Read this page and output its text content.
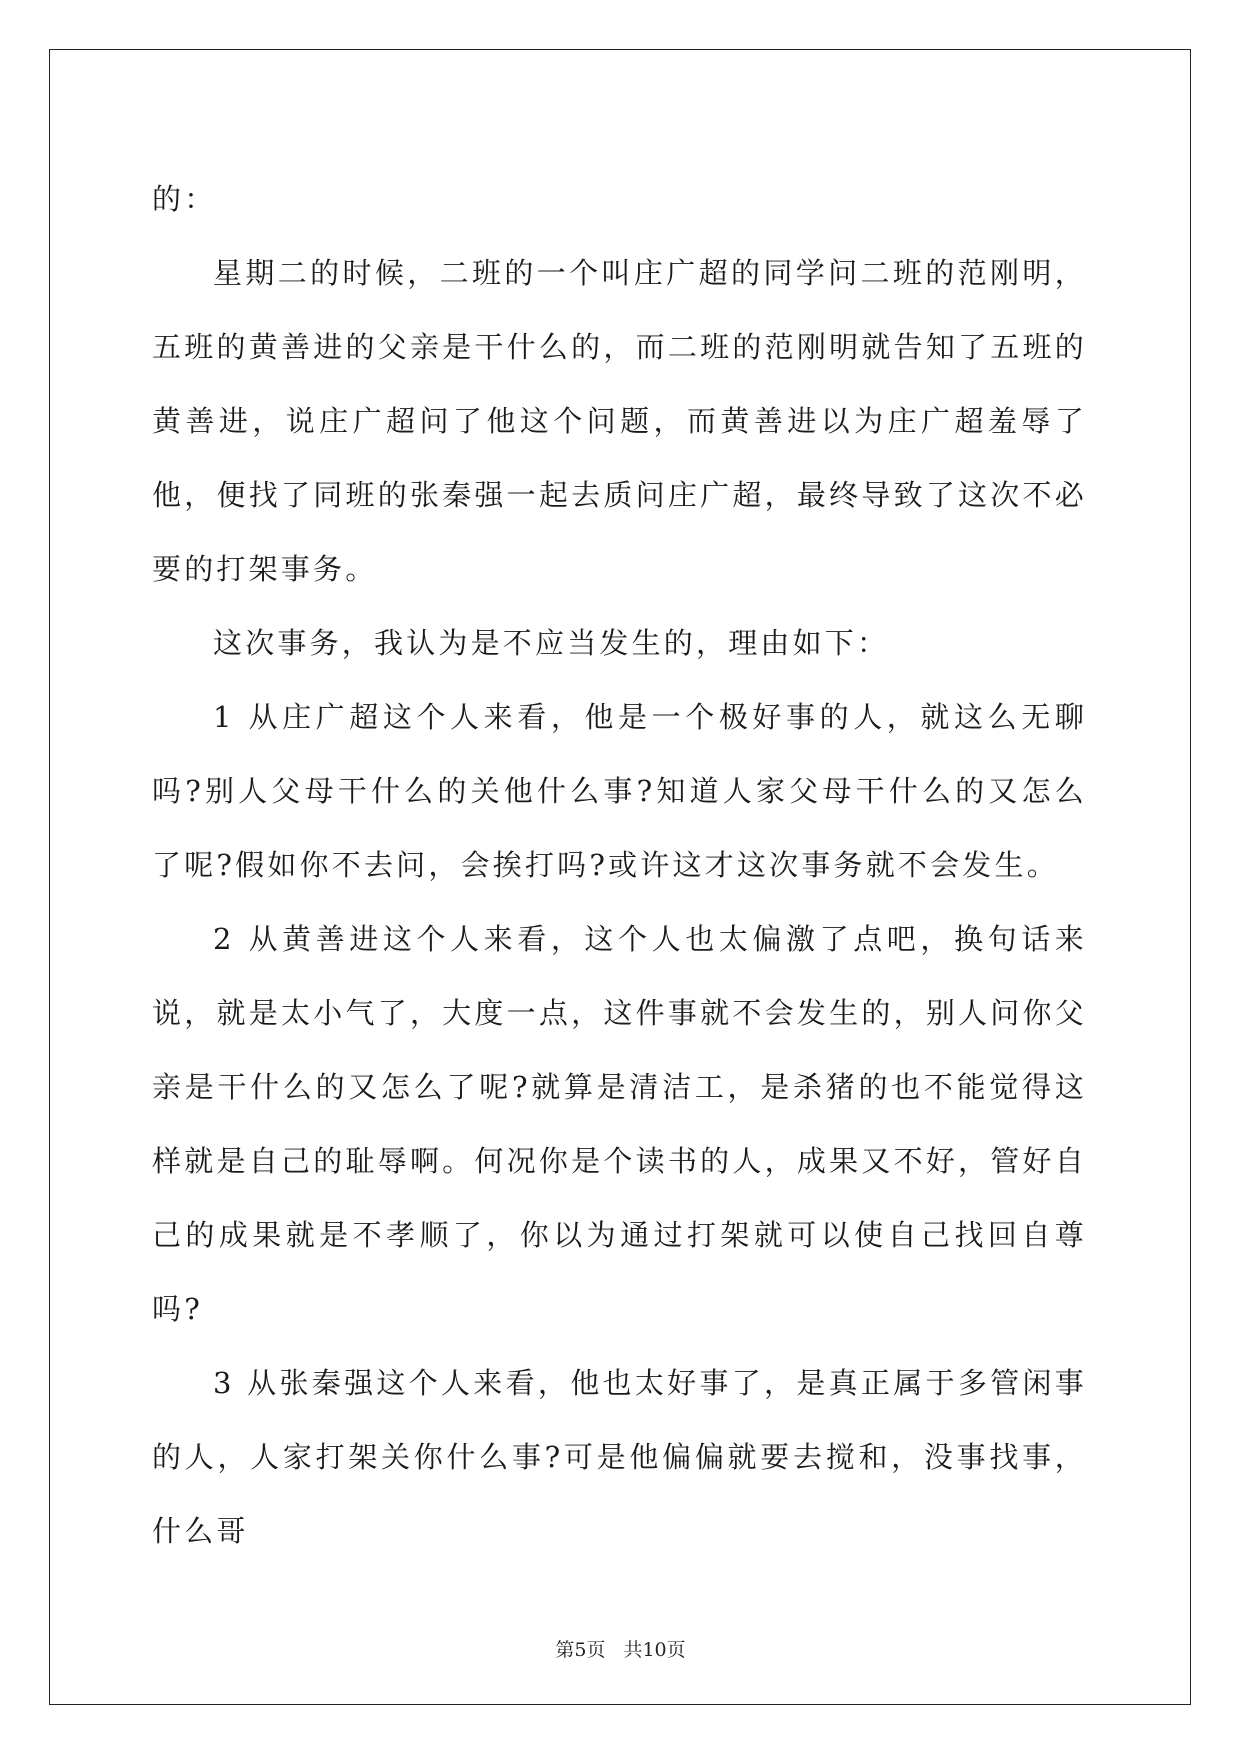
的：

星期二的时候，二班的一个叫庄广超的同学问二班的范刚明，五班的黄善进的父亲是干什么的，而二班的范刚明就告知了五班的黄善进，说庄广超问了他这个问题，而黄善进以为庄广超羞辱了他，便找了同班的张秦强一起去质问庄广超，最终导致了这次不必要的打架事务。

这次事务，我认为是不应当发生的，理由如下：

1 从庄广超这个人来看，他是一个极好事的人，就这么无聊吗?别人父母干什么的关他什么事?知道人家父母干什么的又怎么了呢?假如你不去问，会挨打吗?或许这才这次事务就不会发生。

2 从黄善进这个人来看，这个人也太偏激了点吧，换句话来说，就是太小气了，大度一点，这件事就不会发生的，别人问你父亲是干什么的又怎么了呢?就算是清洁工，是杀猪的也不能觉得这样就是自己的耻辱啊。何况你是个读书的人，成果又不好，管好自己的成果就是不孝顺了，你以为通过打架就可以使自己找回自尊吗?

3 从张秦强这个人来看，他也太好事了，是真正属于多管闲事的人，人家打架关你什么事?可是他偏偏就要去搅和，没事找事，什么哥

第5页 共10页
